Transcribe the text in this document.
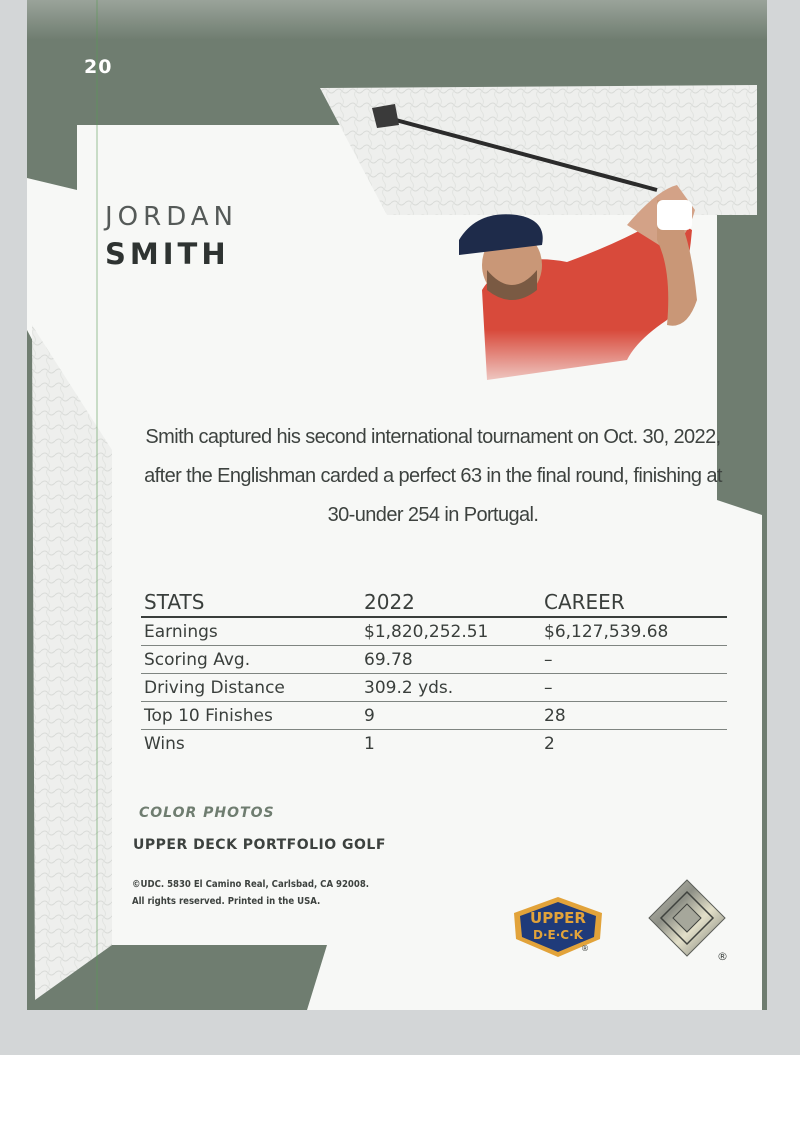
20
JORDAN
SMITH
Smith captured his second international tournament on Oct. 30, 2022, after the Englishman carded a perfect 63 in the final round, finishing at 30-under 254 in Portugal.
STATS	2022	CAREER
Earnings	$1,820,252.51	$6,127,539.68
Scoring Avg.	69.78	–
Driving Distance	309.2 yds.	–
Top 10 Finishes	9	28
Wins	1	2
COLOR PHOTOS
UPPER DECK PORTFOLIO GOLF
©UDC. 5830 El Camino Real, Carlsbad, CA 92008.
All rights reserved. Printed in the USA.
UPPER
D·E·C·K
®
®
